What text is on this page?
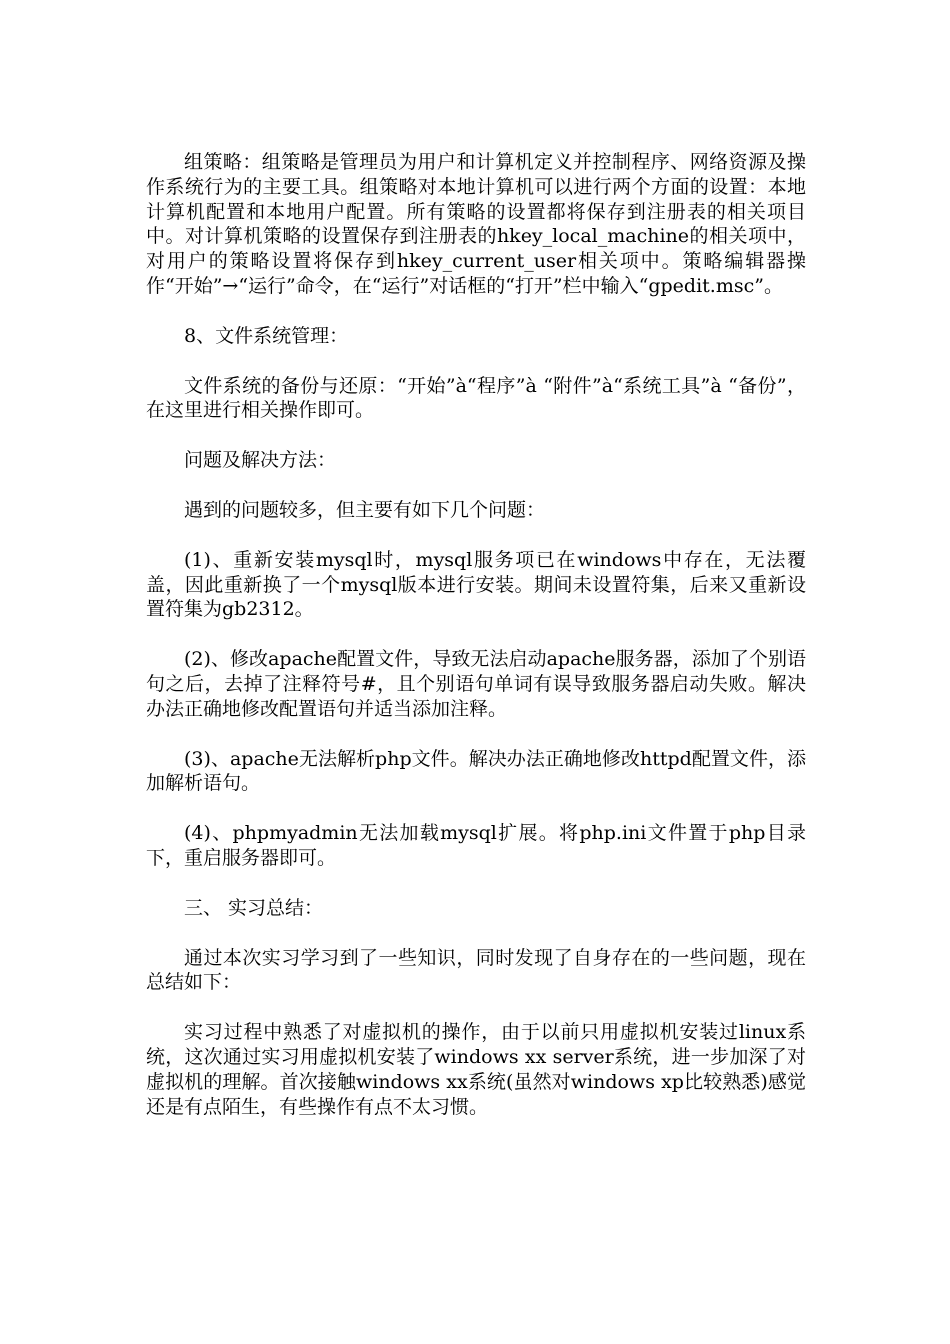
组策略：组策略是管理员为用户和计算机定义并控制程序、网络资源及操作系统行为的主要工具。组策略对本地计算机可以进行两个方面的设置：本地计算机配置和本地用户配置。所有策略的设置都将保存到注册表的相关项目中。对计算机策略的设置保存到注册表的hkey_local_machine的相关项中，对用户的策略设置将保存到hkey_current_user相关项中。策略编辑器操作“开始”→“运行”命令，在“运行”对话框的“打开”栏中输入“gpedit.msc”。

8、文件系统管理：

文件系统的备份与还原：“开始”à“程序”à “附件”à“系统工具”à “备份”，在这里进行相关操作即可。

问题及解决方法：

遇到的问题较多，但主要有如下几个问题：

(1)、重新安装mysql时，mysql服务项已在windows中存在，无法覆盖，因此重新换了一个mysql版本进行安装。期间未设置符集，后来又重新设置符集为gb2312。

(2)、修改apache配置文件，导致无法启动apache服务器，添加了个别语句之后，去掉了注释符号#，且个别语句单词有误导致服务器启动失败。解决办法正确地修改配置语句并适当添加注释。

(3)、apache无法解析php文件。解决办法正确地修改httpd配置文件，添加解析语句。

(4)、phpmyadmin无法加载mysql扩展。将php.ini文件置于php目录下，重启服务器即可。

三、 实习总结：

通过本次实习学习到了一些知识，同时发现了自身存在的一些问题，现在总结如下：

实习过程中熟悉了对虚拟机的操作，由于以前只用虚拟机安装过linux系统，这次通过实习用虚拟机安装了windows xx server系统，进一步加深了对虚拟机的理解。首次接触windows xx系统(虽然对windows xp比较熟悉)感觉还是有点陌生，有些操作有点不太习惯。
